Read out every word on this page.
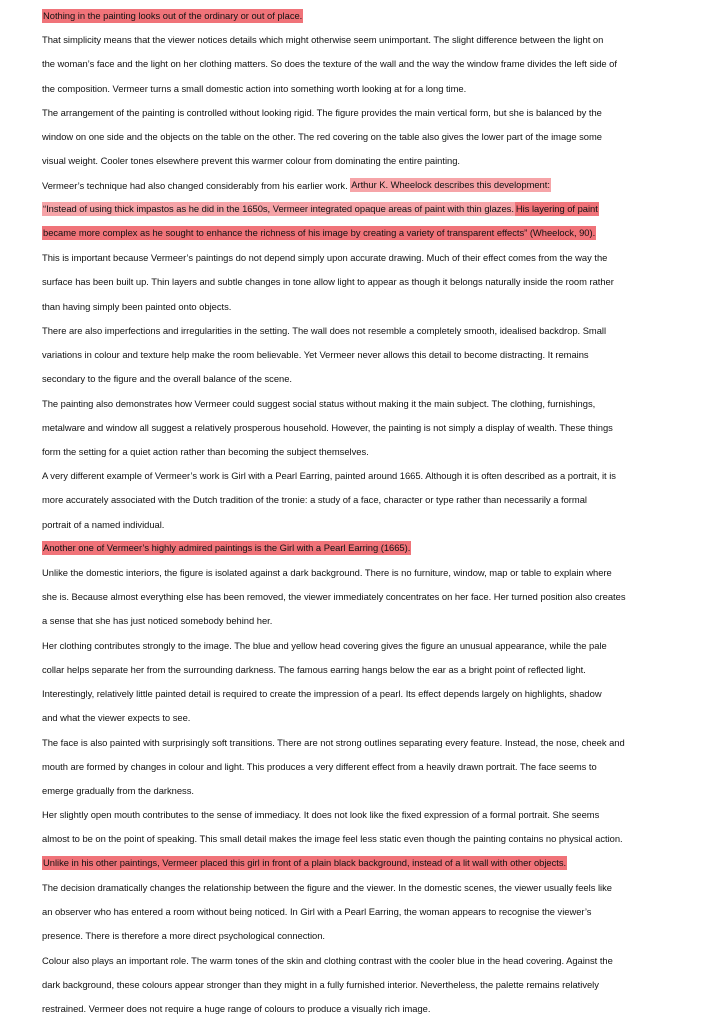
Nothing in the painting looks out of the ordinary or out of place.
That simplicity means that the viewer notices details which might otherwise seem unimportant. The slight difference between the light on
the woman’s face and the light on her clothing matters. So does the texture of the wall and the way the window frame divides the left side of
the composition. Vermeer turns a small domestic action into something worth looking at for a long time.
The arrangement of the painting is controlled without looking rigid. The figure provides the main vertical form, but she is balanced by the
window on one side and the objects on the table on the other. The red covering on the table also gives the lower part of the image some
visual weight. Cooler tones elsewhere prevent this warmer colour from dominating the entire painting.
Vermeer’s technique had also changed considerably from his earlier work. Arthur K. Wheelock describes this development:
“Instead of using thick impastos as he did in the 1650s, Vermeer integrated opaque areas of paint with thin glazes.His layering of paint
became more complex as he sought to enhance the richness of his image by creating a variety of transparent effects” (Wheelock, 90).
This is important because Vermeer’s paintings do not depend simply upon accurate drawing. Much of their effect comes from the way the
surface has been built up. Thin layers and subtle changes in tone allow light to appear as though it belongs naturally inside the room rather
than having simply been painted onto objects.
There are also imperfections and irregularities in the setting. The wall does not resemble a completely smooth, idealised backdrop. Small
variations in colour and texture help make the room believable. Yet Vermeer never allows this detail to become distracting. It remains
secondary to the figure and the overall balance of the scene.
The painting also demonstrates how Vermeer could suggest social status without making it the main subject. The clothing, furnishings,
metalware and window all suggest a relatively prosperous household. However, the painting is not simply a display of wealth. These things
form the setting for a quiet action rather than becoming the subject themselves.
A very different example of Vermeer’s work is Girl with a Pearl Earring, painted around 1665. Although it is often described as a portrait, it is
more accurately associated with the Dutch tradition of the tronie: a study of a face, character or type rather than necessarily a formal
portrait of a named individual.
Another one of Vermeer’s highly admired paintings is the Girl with a Pearl Earring (1665).
Unlike the domestic interiors, the figure is isolated against a dark background. There is no furniture, window, map or table to explain where
she is. Because almost everything else has been removed, the viewer immediately concentrates on her face. Her turned position also creates
a sense that she has just noticed somebody behind her.
Her clothing contributes strongly to the image. The blue and yellow head covering gives the figure an unusual appearance, while the pale
collar helps separate her from the surrounding darkness. The famous earring hangs below the ear as a bright point of reflected light.
Interestingly, relatively little painted detail is required to create the impression of a pearl. Its effect depends largely on highlights, shadow
and what the viewer expects to see.
The face is also painted with surprisingly soft transitions. There are not strong outlines separating every feature. Instead, the nose, cheek and
mouth are formed by changes in colour and light. This produces a very different effect from a heavily drawn portrait. The face seems to
emerge gradually from the darkness.
Her slightly open mouth contributes to the sense of immediacy. It does not look like the fixed expression of a formal portrait. She seems
almost to be on the point of speaking. This small detail makes the image feel less static even though the painting contains no physical action.
Unlike in his other paintings, Vermeer placed this girl in front of a plain black background, instead of a lit wall with other objects.
The decision dramatically changes the relationship between the figure and the viewer. In the domestic scenes, the viewer usually feels like
an observer who has entered a room without being noticed. In Girl with a Pearl Earring, the woman appears to recognise the viewer’s
presence. There is therefore a more direct psychological connection.
Colour also plays an important role. The warm tones of the skin and clothing contrast with the cooler blue in the head covering. Against the
dark background, these colours appear stronger than they might in a fully furnished interior. Nevertheless, the palette remains relatively
restrained. Vermeer does not require a huge range of colours to produce a visually rich image.
